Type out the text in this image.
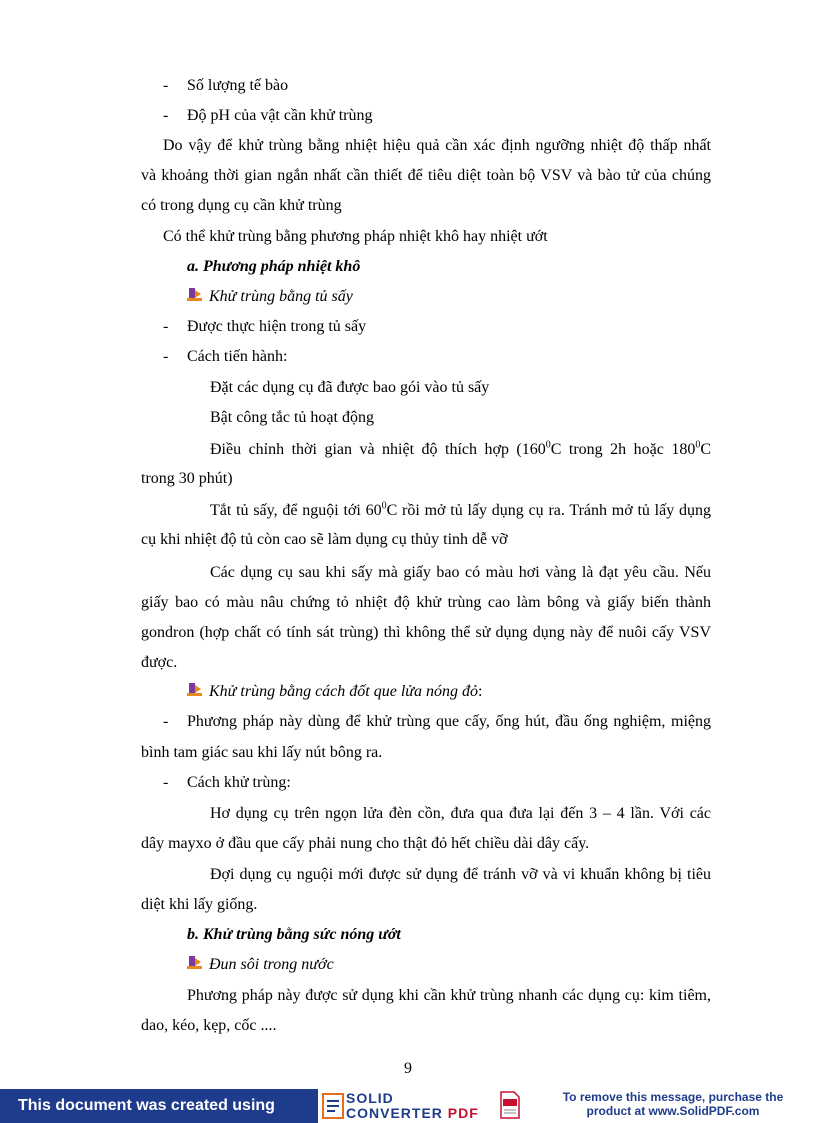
- Số lượng tế bào
- Độ pH của vật cần khử trùng
Do vậy để khử trùng bằng nhiệt hiệu quả cần xác định ngưỡng nhiệt độ thấp nhất
và khoảng thời gian ngắn nhất cần thiết để tiêu diệt toàn bộ VSV và bào tử của chúng
có trong dụng cụ cần khử trùng
Có thể khử trùng bằng phương pháp nhiệt khô hay nhiệt ướt
a. Phương pháp nhiệt khô
Khử trùng bằng tủ sấy
- Được thực hiện trong tủ sấy
- Cách tiến hành:
Đặt các dụng cụ đã được bao gói vào tủ sấy
Bật công tắc tủ hoạt động
Điều chỉnh thời gian và nhiệt độ thích hợp ($160^0C$ trong 2h hoặc $180^0C$
trong 30 phút)
Tắt tủ sấy, để nguội tới $60^0C$ rồi mở tủ lấy dụng cụ ra. Tránh mở tủ lấy dụng
cụ khi nhiệt độ tủ còn cao sẽ làm dụng cụ thủy tinh dễ vỡ
Các dụng cụ sau khi sấy mà giấy bao có màu hơi vàng là đạt yêu cầu. Nếu
giấy bao có màu nâu chứng tỏ nhiệt độ khử trùng cao làm bông và giấy biến thành
gondron (hợp chất có tính sát trùng) thì không thể sử dụng dụng này để nuôi cấy VSV
được.
Khử trùng bằng cách đốt que lửa nóng đỏ:
- Phương pháp này dùng để khử trùng que cấy, ống hút, đầu ống nghiệm, miệng
bình tam giác sau khi lấy nút bông ra.
- Cách khử trùng:
Hơ dụng cụ trên ngọn lửa đèn cồn, đưa qua đưa lại đến 3 – 4 lần. Với các
dây mayxo ở đầu que cấy phải nung cho thật đỏ hết chiều dài dây cấy.
Đợi dụng cụ nguội mới được sử dụng để tránh vỡ và vi khuẩn không bị tiêu
diệt khi lấy giống.
b. Khử trùng bằng sức nóng ướt
Đun sôi trong nước
Phương pháp này được sử dụng khi cần khử trùng nhanh các dụng cụ: kim tiêm,
dao, kéo, kẹp, cốc ....
9
This document was created using	SOLID
CONVERTER PDF
To remove this message, purchase the
product at www.SolidPDF.com
